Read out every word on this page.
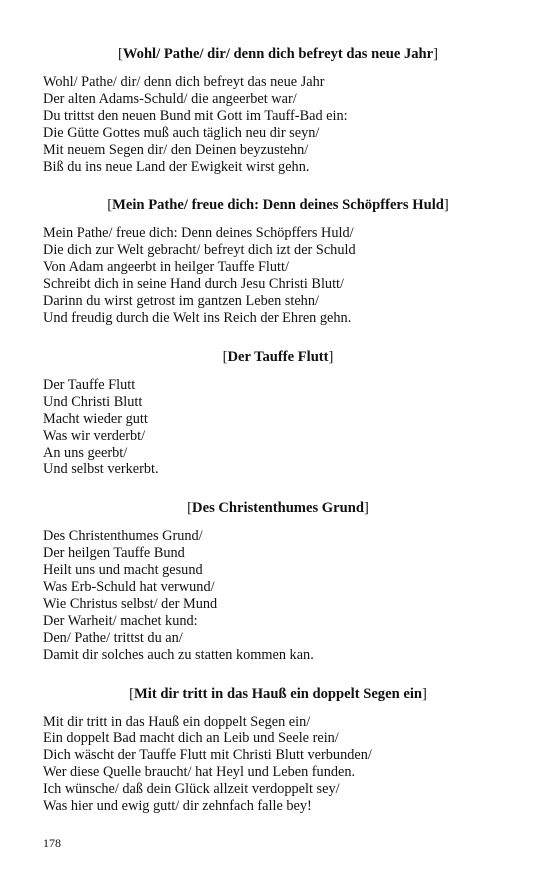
[Wohl/ Pathe/ dir/ denn dich befreyt das neue Jahr]
Wohl/ Pathe/ dir/ denn dich befreyt das neue Jahr
Der alten Adams-Schuld/ die angeerbet war/
Du trittst den neuen Bund mit Gott im Tauff-Bad ein:
Die Gütte Gottes muß auch täglich neu dir seyn/
Mit neuem Segen dir/ den Deinen beyzustehn/
Biß du ins neue Land der Ewigkeit wirst gehn.
[Mein Pathe/ freue dich: Denn deines Schöpffers Huld]
Mein Pathe/ freue dich: Denn deines Schöpffers Huld/
Die dich zur Welt gebracht/ befreyt dich izt der Schuld
Von Adam angeerbt in heilger Tauffe Flutt/
Schreibt dich in seine Hand durch Jesu Christi Blutt/
Darinn du wirst getrost im gantzen Leben stehn/
Und freudig durch die Welt ins Reich der Ehren gehn.
[Der Tauffe Flutt]
Der Tauffe Flutt
Und Christi Blutt
Macht wieder gutt
Was wir verderbt/
An uns geerbt/
Und selbst verkerbt.
[Des Christenthumes Grund]
Des Christenthumes Grund/
Der heilgen Tauffe Bund
Heilt uns und macht gesund
Was Erb-Schuld hat verwund/
Wie Christus selbst/ der Mund
Der Warheit/ machet kund:
Den/ Pathe/ trittst du an/
Damit dir solches auch zu statten kommen kan.
[Mit dir tritt in das Hauß ein doppelt Segen ein]
Mit dir tritt in das Hauß ein doppelt Segen ein/
Ein doppelt Bad macht dich an Leib und Seele rein/
Dich wäscht der Tauffe Flutt mit Christi Blutt verbunden/
Wer diese Quelle braucht/ hat Heyl und Leben funden.
Ich wünsche/ daß dein Glück allzeit verdoppelt sey/
Was hier und ewig gutt/ dir zehnfach falle bey!
178
